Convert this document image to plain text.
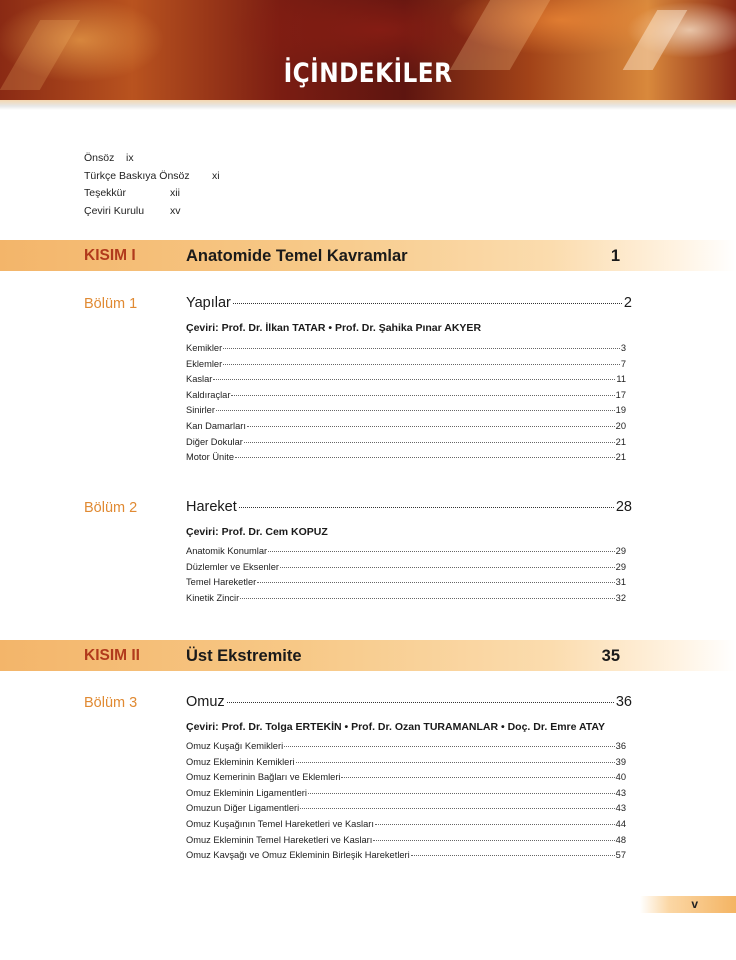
İÇİNDEKİLER
Önsöz ix
Türkçe Baskıya Önsöz xi
Teşekkür	xii
Çeviri Kurulu xv
KISIM I	Anatomide Temel Kavramlar	1
Bölüm 1	Yapılar	2
Çeviri: Prof. Dr. İlkan TATAR • Prof. Dr. Şahika Pınar AKYER
Kemikler	3
Eklemler	7
Kaslar	11
Kaldıraçlar	17
Sinirler	19
Kan Damarları	20
Diğer Dokular	21
Motor Ünite	21
Bölüm 2	Hareket	28
Çeviri: Prof. Dr. Cem KOPUZ
Anatomik Konumlar	29
Düzlemler ve Eksenler	29
Temel Hareketler	31
Kinetik Zincir	32
KISIM II	Üst Ekstremite	35
Bölüm 3	Omuz	36
Çeviri: Prof. Dr. Tolga ERTEKİN • Prof. Dr. Ozan TURAMANLAR • Doç. Dr. Emre ATAY
Omuz Kuşağı Kemikleri	36
Omuz Ekleminin Kemikleri	39
Omuz Kemerinin Bağları ve Eklemleri	40
Omuz Ekleminin Ligamentleri	43
Omuzun Diğer Ligamentleri	43
Omuz Kuşağının Temel Hareketleri ve Kasları	44
Omuz Ekleminin Temel Hareketleri ve Kasları	48
Omuz Kavşağı ve Omuz Ekleminin Birleşik Hareketleri	57
v
